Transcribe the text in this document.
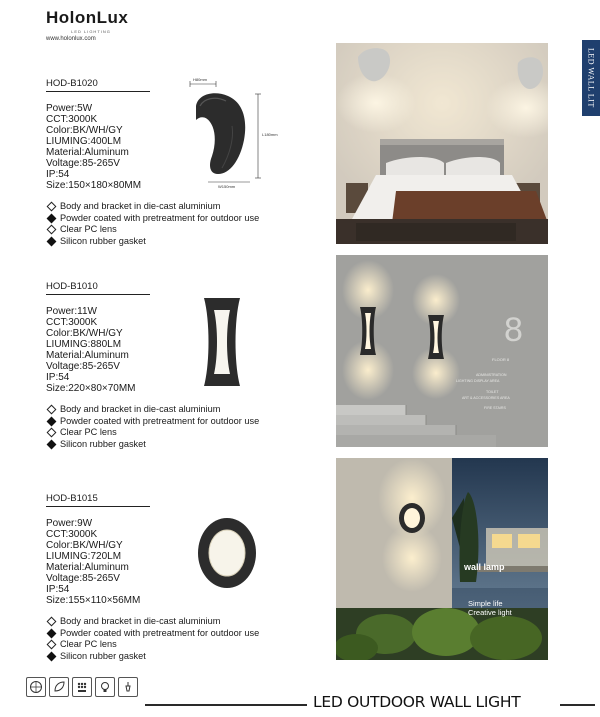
HolonLux
LED LIGHTING
www.holonlux.com
LED WALL LIT
HOD-B1020
Power:5W
CCT:3000K
Color:BK/WH/GY
LIUMING:400LM
Material:Aluminum
Voltage:85-265V
IP:54
Size:150×180×80MM
Body and bracket in die-cast aluminium
Powder coated with pretreatment for outdoor use
Clear PC lens
Silicon rubber gasket
H80mm
L180mm
W150mm
HOD-B1010
Power:11W
CCT:3000K
Color:BK/WH/GY
LIUMING:880LM
Material:Aluminum
Voltage:85-265V
IP:54
Size:220×80×70MM
Body and bracket in die-cast aluminium
Powder coated with pretreatment for outdoor use
Clear PC lens
Silicon rubber gasket
8
FLOOR 8
ADMINISTRATION
LIGHTING DISPLAY AREA
TOILET
ART & ACCESSORIES AREA
FIRE STAIRS
HOD-B1015
Power:9W
CCT:3000K
Color:BK/WH/GY
LIUMING:720LM
Material:Aluminum
Voltage:85-265V
IP:54
Size:155×110×56MM
Body and bracket in die-cast aluminium
Powder coated with pretreatment for outdoor use
Clear PC lens
Silicon rubber gasket
wall lamp
Simple life
Creative light
LED OUTDOOR WALL LIGHT
